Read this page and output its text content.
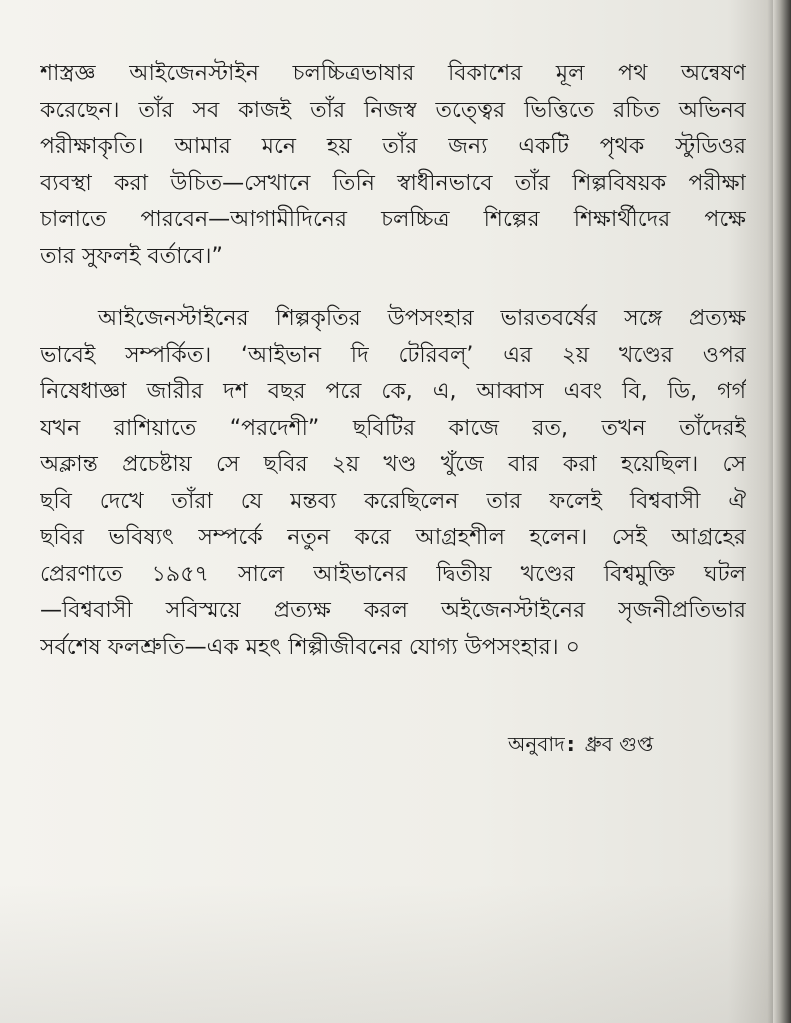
শাস্ত্রজ্ঞ আইজেনস্টাইন চলচ্চিত্রভাষার বিকাশের মূল পথ অন্বেষণ
করেছেন। তাঁর সব কাজই তাঁর নিজস্ব তত্ত্বের ভিত্তিতে রচিত অভিনব
পরীক্ষাকৃতি। আমার মনে হয় তাঁর জন্য একটি পৃথক স্টুডিওর
ব্যবস্থা করা উচিত—সেখানে তিনি স্বাধীনভাবে তাঁর শিল্পবিষয়ক পরীক্ষা
চালাতে পারবেন—আগামীদিনের চলচ্চিত্র শিল্পের শিক্ষার্থীদের পক্ষে
তার সুফলই বর্তাবে।”
আইজেনস্টাইনের শিল্পকৃতির উপসংহার ভারতবর্ষের সঙ্গে প্রত্যক্ষ
ভাবেই সম্পর্কিত। ‘আইভান দি টেরিবল্’ এর ২য় খণ্ডের ওপর
নিষেধাজ্ঞা জারীর দশ বছর পরে কে, এ, আব্বাস এবং বি, ডি, গর্গ
যখন রাশিয়াতে “পরদেশী” ছবিটির কাজে রত, তখন তাঁদেরই
অক্লান্ত প্রচেষ্টায় সে ছবির ২য় খণ্ড খুঁজে বার করা হয়েছিল। সে
ছবি দেখে তাঁরা যে মন্তব্য করেছিলেন তার ফলেই বিশ্ববাসী ঐ
ছবির ভবিষ্যৎ সম্পর্কে নতুন করে আগ্রহশীল হলেন। সেই আগ্রহের
প্রেরণাতে ১৯৫৭ সালে আইভানের দ্বিতীয় খণ্ডের বিশ্বমুক্তি ঘটল
—বিশ্ববাসী সবিস্ময়ে প্রত্যক্ষ করল অইজেনস্টাইনের সৃজনীপ্রতিভার
সর্বশেষ ফলশ্রুতি—এক মহৎ শিল্পীজীবনের যোগ্য উপসংহার। ০
অনুবাদ : ধ্রুব গুপ্ত
